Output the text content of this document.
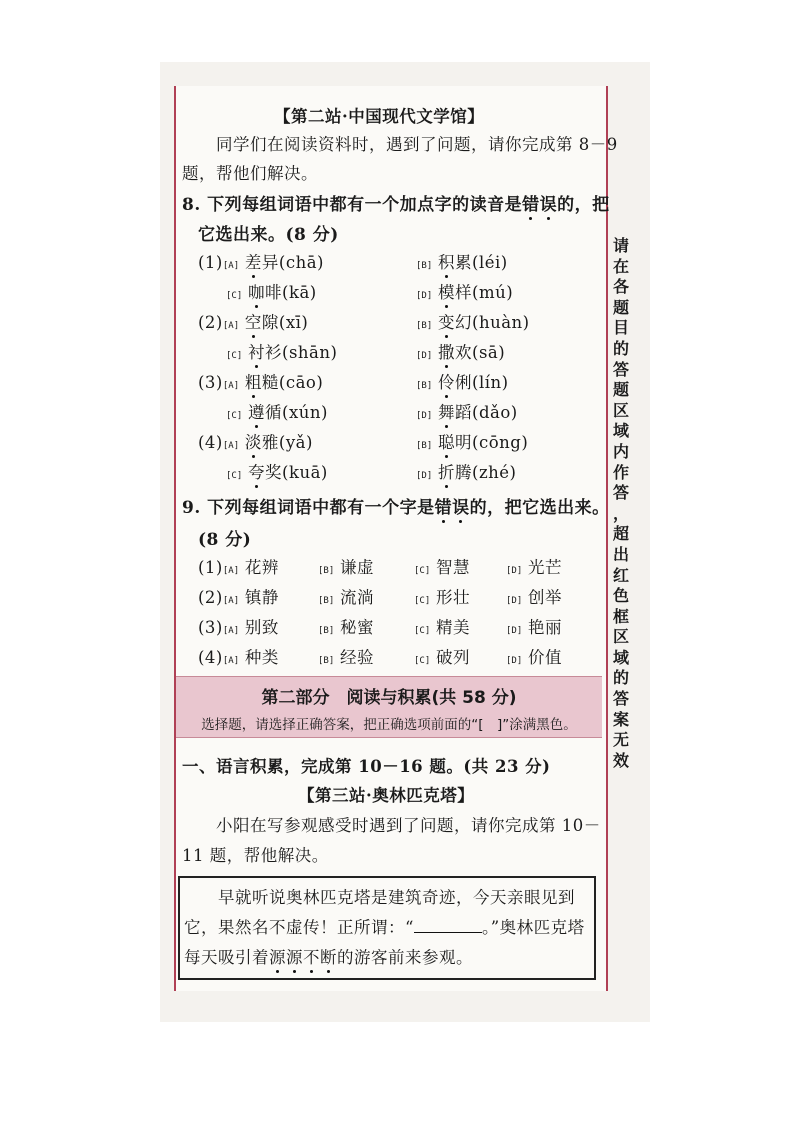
【第二站·中国现代文学馆】
同学们在阅读资料时，遇到了问题，请你完成第 8－9
题，帮他们解决。
8. 下列每组词语中都有一个加点字的读音是错误的，把
它选出来。(8 分)
(1)[A] 差异(chā)	[B] 积累(léi)
[C] 咖啡(kā)	[D] 模样(mú)
(2)[A] 空隙(xī)	[B] 变幻(huàn)
[C] 衬衫(shān)	[D] 撒欢(sā)
(3)[A] 粗糙(cāo)	[B] 伶俐(lín)
[C] 遵循(xún)	[D] 舞蹈(dǎo)
(4)[A] 淡雅(yǎ)	[B] 聪明(cōng)
[C] 夸奖(kuā)	[D] 折腾(zhé)
9. 下列每组词语中都有一个字是错误的，把它选出来。
(8 分)
(1)[A] 花辨	[B] 谦虚	[C] 智慧	[D] 光芒
(2)[A] 镇静	[B] 流淌	[C] 形壮	[D] 创举
(3)[A] 别致	[B] 秘蜜	[C] 精美	[D] 艳丽
(4)[A] 种类	[B] 经验	[C] 破列	[D] 价值
第二部分　阅读与积累(共 58 分)
选择题，请选择正确答案，把正确选项前面的“[　]”涂满黑色。
一、语言积累，完成第 10－16 题。(共 23 分)
【第三站·奥林匹克塔】
小阳在写参观感受时遇到了问题，请你完成第 10－
11 题，帮他解决。
早就听说奥林匹克塔是建筑奇迹，今天亲眼见到
它，果然名不虚传！正所谓：“	。”奥林匹克塔
每天吸引着源源不断的游客前来参观。
请
在
各
题
目
的
答
题
区
域
内
作
答
，
超
出
红
色
框
区
域
的
答
案
无
效
